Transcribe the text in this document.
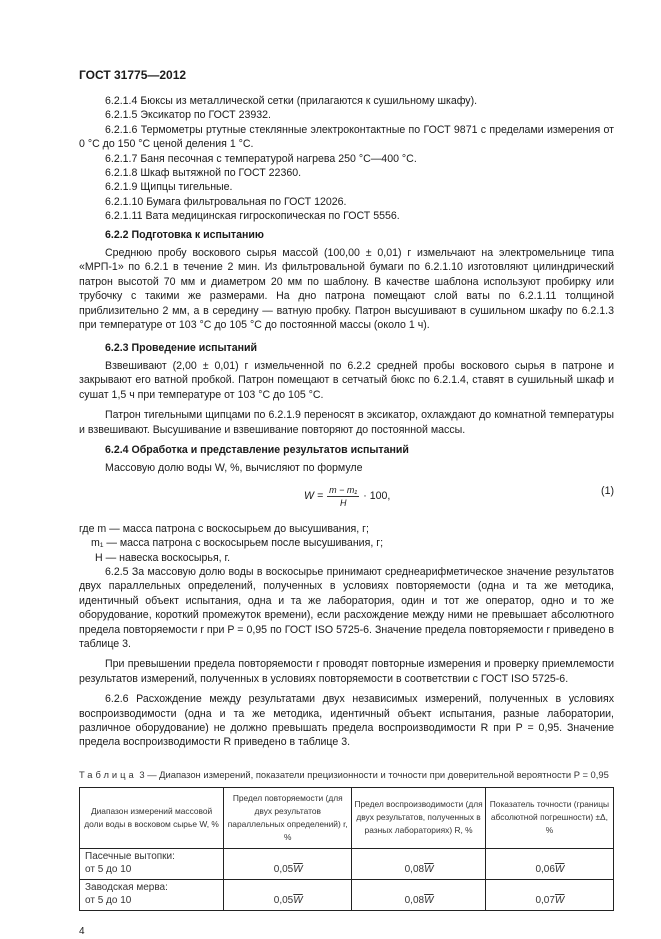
ГОСТ 31775—2012

6.2.1.4 Бюксы из металлической сетки (прилагаются к сушильному шкафу).

6.2.1.5 Эксикатор по ГОСТ 23932.

6.2.1.6 Термометры ртутные стеклянные электроконтактные по ГОСТ 9871 с пределами измерения от 0 °С до 150 °С ценой деления 1 °С.

6.2.1.7 Баня песочная с температурой нагрева 250 °С—400 °С.

6.2.1.8 Шкаф вытяжной по ГОСТ 22360.

6.2.1.9 Щипцы тигельные.

6.2.1.10 Бумага фильтровальная по ГОСТ 12026.

6.2.1.11 Вата медицинская гигроскопическая по ГОСТ 5556.

6.2.2 Подготовка к испытанию

Среднюю пробу воскового сырья массой (100,00 ± 0,01) г измельчают на электромельнице типа «МРП-1» по 6.2.1 в течение 2 мин. Из фильтровальной бумаги по 6.2.1.10 изготовляют цилиндрический патрон высотой 70 мм и диаметром 20 мм по шаблону. В качестве шаблона используют пробирку или трубочку с такими же размерами. На дно патрона помещают слой ваты по 6.2.1.11 толщиной приблизительно 2 мм, а в середину — ватную пробку. Патрон высушивают в сушильном шкафу по 6.2.1.3 при температуре от 103 °С до 105 °С до постоянной массы (около 1 ч).

6.2.3 Проведение испытаний

Взвешивают (2,00 ± 0,01) г измельченной по 6.2.2 средней пробы воскового сырья в патроне и закрывают его ватной пробкой. Патрон помещают в сетчатый бюкс по 6.2.1.4, ставят в сушильный шкаф и сушат 1,5 ч при температуре от 103 °С до 105 °С.

Патрон тигельными щипцами по 6.2.1.9 переносят в эксикатор, охлаждают до комнатной температуры и взвешивают. Высушивание и взвешивание повторяют до постоянной массы.

6.2.4 Обработка и представление результатов испытаний

Массовую долю воды W, %, вычисляют по формуле

$W = \frac{\text{m − m₁}}{H} \cdot 100$,	(1)
где m — масса патрона с воскосырьем до высушивания, г;
m₁ — масса патрона с воскосырьем после высушивания, г;
H — навеска воскосырья, г.

6.2.5 За массовую долю воды в воскосырье принимают среднеарифметическое значение результатов двух параллельных определений, полученных в условиях повторяемости (одна и та же методика, идентичный объект испытания, одна и та же лаборатория, один и тот же оператор, одно и то же оборудование, короткий промежуток времени), если расхождение между ними не превышает абсолютного предела повторяемости r при P = 0,95 по ГОСТ ISO 5725-6. Значение предела повторяемости r приведено в таблице 3.

При превышении предела повторяемости r проводят повторные измерения и проверку приемлемости результатов измерений, полученных в условиях повторяемости в соответствии с ГОСТ ISO 5725-6.

6.2.6 Расхождение между результатами двух независимых измерений, полученных в условиях воспроизводимости (одна и та же методика, идентичный объект испытания, разные лаборатории, различное оборудование) не должно превышать предела воспроизводимости R при P = 0,95. Значение предела воспроизводимости R приведено в таблице 3.

Таблица 3 — Диапазон измерений, показатели прецизионности и точности при доверительной вероятности P = 0,95
Диапазон измерений массовой доли воды в восковом сырье W, %	Предел повторяемости (для двух результатов параллельных определений) r, %	Предел воспроизводимости (для двух результатов, полученных в разных лабораториях) R, %	Показатель точности (границы абсолютной погрешности) ±Δ, %

Пасечные вытопки:
от 5 до 10	$0,05\overline{W}$	$0,08\overline{W}$	$0,06\overline{W}$

Заводская мерва:
от 5 до 10	$0,05\overline{W}$	$0,08\overline{W}$	$0,07\overline{W}$
4
